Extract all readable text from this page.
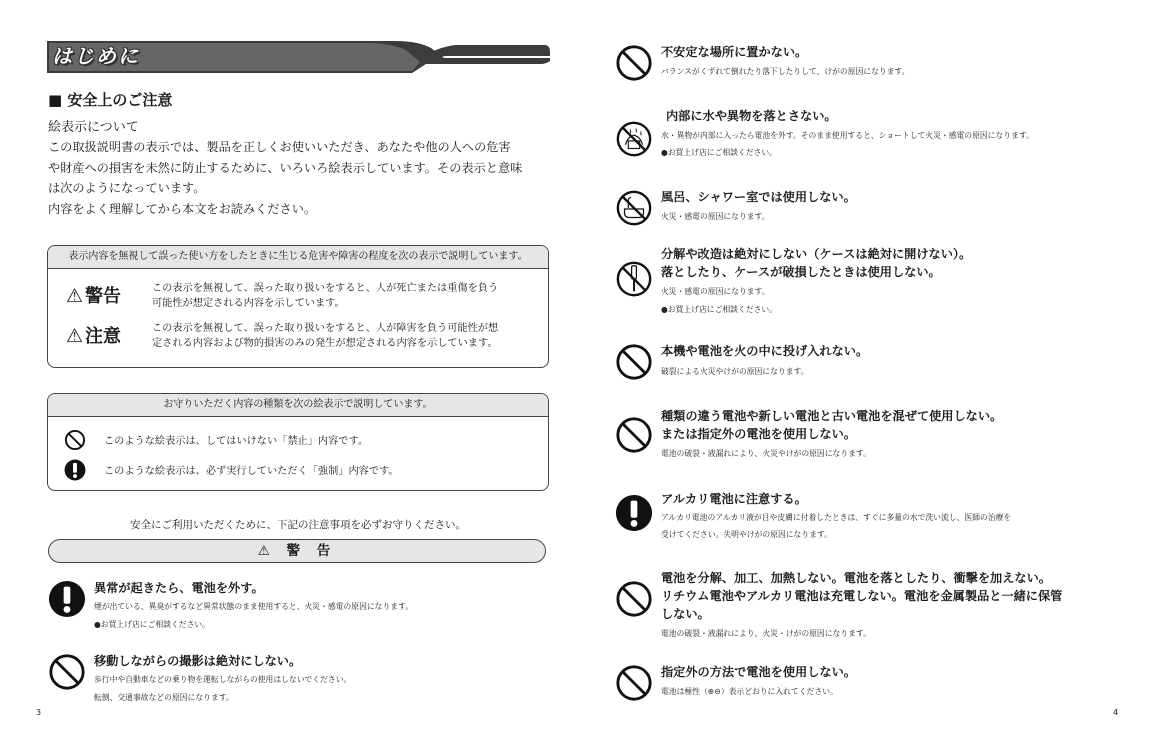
はじめに
■ 安全上のご注意
絵表示について
この取扱説明書の表示では、製品を正しくお使いいただき、あなたや他の人への危害
や財産への損害を未然に防止するために、いろいろ絵表示しています。その表示と意味
は次のようになっています。
内容をよく理解してから本文をお読みください。
表示内容を無視して誤った使い方をしたときに生じる危害や障害の程度を次の表示で説明しています。
⚠ 警告	この表示を無視して、誤った取り扱いをすると、人が死亡または重傷を負う
可能性が想定される内容を示しています。
⚠ 注意	この表示を無視して、誤った取り扱いをすると、人が障害を負う可能性が想
定される内容および物的損害のみの発生が想定される内容を示しています。
お守りいただく内容の種類を次の絵表示で説明しています。
このような絵表示は、してはいけない「禁止」内容です。
このような絵表示は、必ず実行していただく「強制」内容です。
安全にご利用いただくために、下記の注意事項を必ずお守りください。
⚠ 警 告
異常が起きたら、電池を外す。
煙が出ている、異臭がするなど異常状態のまま使用すると、火災・感電の原因になります。
●お買上げ店にご相談ください。
移動しながらの撮影は絶対にしない。
歩行中や自動車などの乗り物を運転しながらの使用はしないでください。
転倒、交通事故などの原因になります。
不安定な場所に置かない。
バランスがくずれて倒れたり落下したりして、けがの原因になります。
内部に水や異物を落とさない。
水・異物が内部に入ったら電池を外す。そのまま使用すると、ショートして火災・感電の原因になります。
●お買上げ店にご相談ください。
風呂、シャワー室では使用しない。
火災・感電の原因になります。
分解や改造は絶対にしない（ケースは絶対に開けない）。
落としたり、ケースが破損したときは使用しない。
火災・感電の原因になります。
●お買上げ店にご相談ください。
本機や電池を火の中に投げ入れない。
破裂による火災やけがの原因になります。
種類の違う電池や新しい電池と古い電池を混ぜて使用しない。
または指定外の電池を使用しない。
電池の破裂・液漏れにより、火災やけがの原因になります。
アルカリ電池に注意する。
アルカリ電池のアルカリ液が目や皮膚に付着したときは、すぐに多量の水で洗い流し、医師の治療を
受けてください。失明やけがの原因になります。
電池を分解、加工、加熱しない。電池を落としたり、衝撃を加えない。
リチウム電池やアルカリ電池は充電しない。電池を金属製品と一緒に保管
しない。
電池の破裂・液漏れにより、火災・けがの原因になります。
指定外の方法で電池を使用しない。
電池は極性（⊕⊖）表示どおりに入れてください。
3	4
